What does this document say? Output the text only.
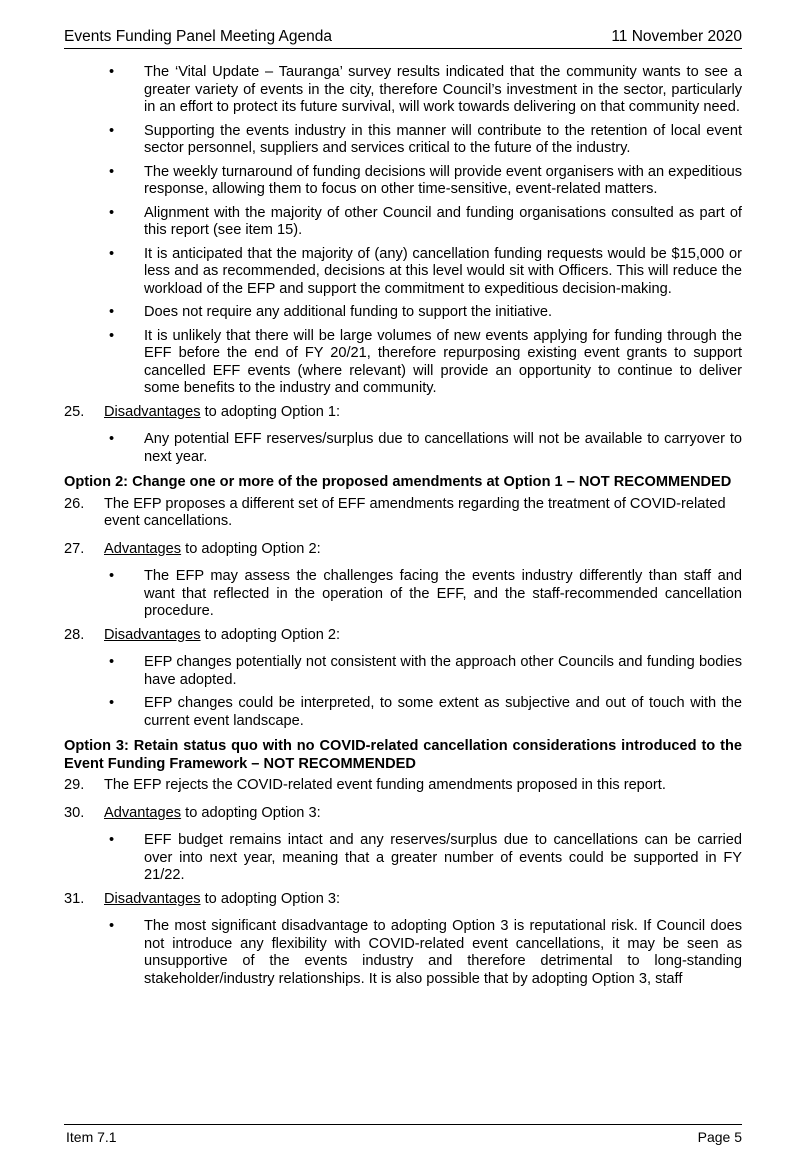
Events Funding Panel Meeting Agenda	11 November 2020
• The ‘Vital Update – Tauranga’ survey results indicated that the community wants to see a greater variety of events in the city, therefore Council’s investment in the sector, particularly in an effort to protect its future survival, will work towards delivering on that community need.
• Supporting the events industry in this manner will contribute to the retention of local event sector personnel, suppliers and services critical to the future of the industry.
• The weekly turnaround of funding decisions will provide event organisers with an expeditious response, allowing them to focus on other time-sensitive, event-related matters.
• Alignment with the majority of other Council and funding organisations consulted as part of this report (see item 15).
• It is anticipated that the majority of (any) cancellation funding requests would be $15,000 or less and as recommended, decisions at this level would sit with Officers. This will reduce the workload of the EFP and support the commitment to expeditious decision-making.
• Does not require any additional funding to support the initiative.
• It is unlikely that there will be large volumes of new events applying for funding through the EFF before the end of FY 20/21, therefore repurposing existing event grants to support cancelled EFF events (where relevant) will provide an opportunity to continue to deliver some benefits to the industry and community.
25. Disadvantages to adopting Option 1:
• Any potential EFF reserves/surplus due to cancellations will not be available to carryover to next year.
Option 2: Change one or more of the proposed amendments at Option 1 – NOT RECOMMENDED
26. The EFP proposes a different set of EFF amendments regarding the treatment of COVID-related event cancellations.
27. Advantages to adopting Option 2:
• The EFP may assess the challenges facing the events industry differently than staff and want that reflected in the operation of the EFF, and the staff-recommended cancellation procedure.
28. Disadvantages to adopting Option 2:
• EFP changes potentially not consistent with the approach other Councils and funding bodies have adopted.
• EFP changes could be interpreted, to some extent as subjective and out of touch with the current event landscape.
Option 3: Retain status quo with no COVID-related cancellation considerations introduced to the Event Funding Framework – NOT RECOMMENDED
29. The EFP rejects the COVID-related event funding amendments proposed in this report.
30. Advantages to adopting Option 3:
• EFF budget remains intact and any reserves/surplus due to cancellations can be carried over into next year, meaning that a greater number of events could be supported in FY 21/22.
31. Disadvantages to adopting Option 3:
• The most significant disadvantage to adopting Option 3 is reputational risk. If Council does not introduce any flexibility with COVID-related event cancellations, it may be seen as unsupportive of the events industry and therefore detrimental to long-standing stakeholder/industry relationships. It is also possible that by adopting Option 3, staff
Item 7.1	Page 5
